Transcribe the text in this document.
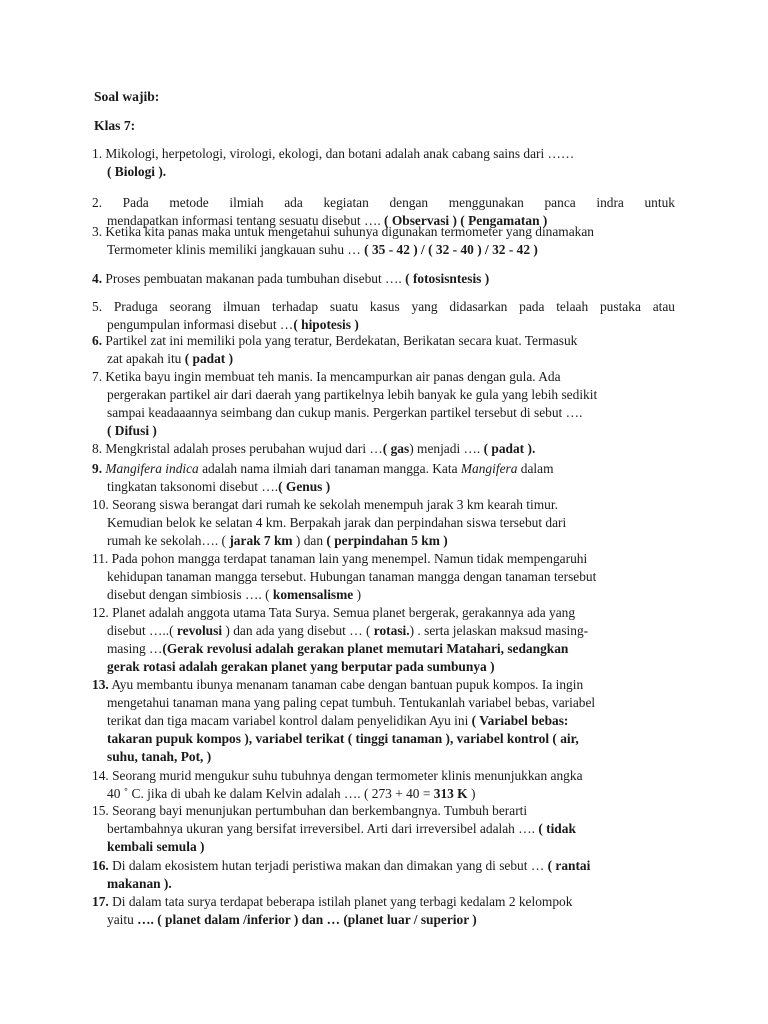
Soal wajib:
Klas 7:
1. Mikologi, herpetologi, virologi, ekologi, dan botani adalah anak cabang sains dari ……
( Biologi ).
2. Pada metode ilmiah ada kegiatan dengan menggunakan panca indra untuk
mendapatkan informasi tentang sesuatu disebut …. ( Observasi ) ( Pengamatan )
3. Ketika kita panas maka untuk mengetahui suhunya digunakan termometer yang dinamakan
Termometer klinis memiliki jangkauan suhu … ( 35 - 42 ) / ( 32 - 40 ) / 32 - 42 )
4. Proses pembuatan makanan pada tumbuhan disebut …. ( fotosisntesis )
5. Praduga seorang ilmuan terhadap suatu kasus yang didasarkan pada telaah pustaka atau
pengumpulan informasi disebut …( hipotesis )
6. Partikel zat ini memiliki pola yang teratur, Berdekatan, Berikatan secara kuat. Termasuk
zat apakah itu ( padat )
7. Ketika bayu ingin membuat teh manis. Ia mencampurkan air panas dengan gula. Ada
pergerakan partikel air dari daerah yang partikelnya lebih banyak ke gula yang lebih sedikit
sampai keadaaannya seimbang dan cukup manis. Pergerkan partikel tersebut di sebut ….
( Difusi )
8. Mengkristal adalah proses perubahan wujud dari …( gas) menjadi …. ( padat ).
9. Mangifera indica adalah nama ilmiah dari tanaman mangga. Kata Mangifera dalam
tingkatan taksonomi disebut ….( Genus )
10. Seorang siswa berangat dari rumah ke sekolah menempuh jarak 3 km kearah timur.
Kemudian belok ke selatan 4 km. Berpakah jarak dan perpindahan siswa tersebut dari
rumah ke sekolah…. ( jarak 7 km ) dan ( perpindahan 5 km )
11. Pada pohon mangga terdapat tanaman lain yang menempel. Namun tidak mempengaruhi
kehidupan tanaman mangga tersebut. Hubungan tanaman mangga dengan tanaman tersebut
disebut dengan simbiosis …. ( komensalisme )
12. Planet adalah anggota utama Tata Surya. Semua planet bergerak, gerakannya ada yang
disebut …..( revolusi ) dan ada yang disebut … ( rotasi.) . serta jelaskan maksud masing-
masing …(Gerak revolusi adalah gerakan planet memutari Matahari, sedangkan
gerak rotasi adalah gerakan planet yang berputar pada sumbunya )
13. Ayu membantu ibunya menanam tanaman cabe dengan bantuan pupuk kompos. Ia ingin
mengetahui tanaman mana yang paling cepat tumbuh. Tentukanlah variabel bebas, variabel
terikat dan tiga macam variabel kontrol dalam penyelidikan Ayu ini ( Variabel bebas:
takaran pupuk kompos ), variabel terikat ( tinggi tanaman ), variabel kontrol ( air,
suhu, tanah, Pot, )
14. Seorang murid mengukur suhu tubuhnya dengan termometer klinis menunjukkan angka
40 ˚ C. jika di ubah ke dalam Kelvin adalah …. ( 273 + 40 = 313 K )
15. Seorang bayi menunjukan pertumbuhan dan berkembangnya. Tumbuh berarti
bertambahnya ukuran yang bersifat irreversibel. Arti dari irreversibel adalah …. ( tidak
kembali semula )
16. Di dalam ekosistem hutan terjadi peristiwa makan dan dimakan yang di sebut … ( rantai
makanan ).
17. Di dalam tata surya terdapat beberapa istilah planet yang terbagi kedalam 2 kelompok
yaitu …. ( planet dalam /inferior ) dan … (planet luar / superior )
